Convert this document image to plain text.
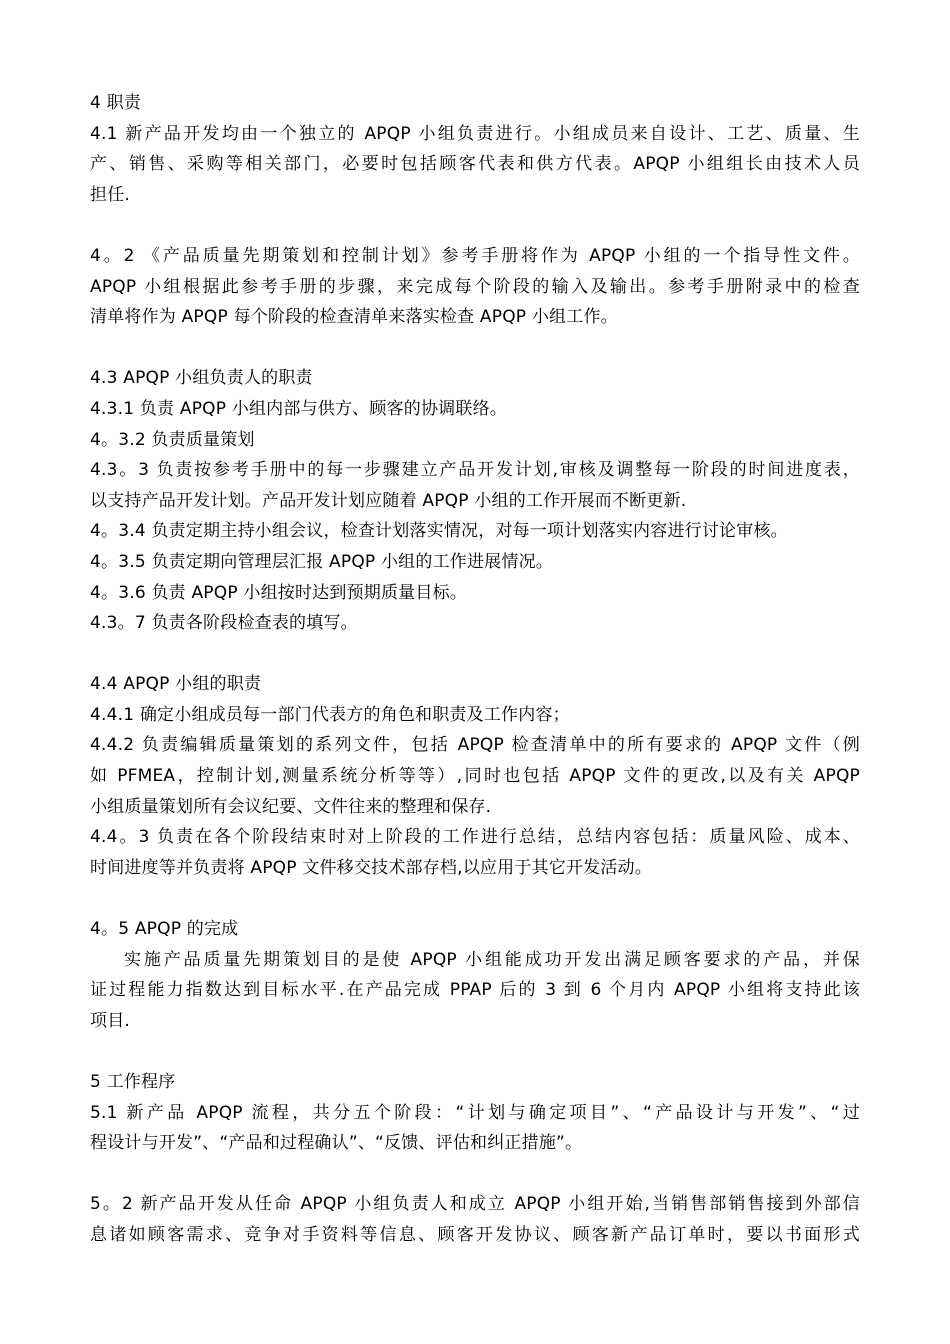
4 职责
4.1 新产品开发均由一个独立的 APQP 小组负责进行。小组成员来自设计、工艺、质量、生
产、销售、采购等相关部门，必要时包括顾客代表和供方代表。APQP 小组组长由技术人员
担任.
4。2 《产品质量先期策划和控制计划》参考手册将作为 APQP 小组的一个指导性文件。
APQP 小组根据此参考手册的步骤，来完成每个阶段的输入及输出。参考手册附录中的检查
清单将作为 APQP 每个阶段的检查清单来落实检查 APQP 小组工作。
4.3 APQP 小组负责人的职责
4.3.1 负责 APQP 小组内部与供方、顾客的协调联络。
4。3.2 负责质量策划
4.3。3 负责按参考手册中的每一步骤建立产品开发计划,审核及调整每一阶段的时间进度表，
以支持产品开发计划。产品开发计划应随着 APQP 小组的工作开展而不断更新.
4。3.4 负责定期主持小组会议，检查计划落实情况，对每一项计划落实内容进行讨论审核。
4。3.5 负责定期向管理层汇报 APQP 小组的工作进展情况。
4。3.6 负责 APQP 小组按时达到预期质量目标。
4.3。7 负责各阶段检查表的填写。
4.4 APQP 小组的职责
4.4.1 确定小组成员每一部门代表方的角色和职责及工作内容；
4.4.2 负责编辑质量策划的系列文件，包括 APQP 检查清单中的所有要求的 APQP 文件（例
如 PFMEA，控制计划,测量系统分析等等）,同时也包括 APQP 文件的更改,以及有关 APQP
小组质量策划所有会议纪要、文件往来的整理和保存.
4.4。3 负责在各个阶段结束时对上阶段的工作进行总结，总结内容包括：质量风险、成本、
时间进度等并负责将 APQP 文件移交技术部存档,以应用于其它开发活动。
4。5 APQP 的完成
实施产品质量先期策划目的是使 APQP 小组能成功开发出满足顾客要求的产品，并保
证过程能力指数达到目标水平.在产品完成 PPAP 后的 3 到 6 个月内 APQP 小组将支持此该
项目.
5 工作程序
5.1 新产品 APQP 流程，共分五个阶段：“计划与确定项目”、“产品设计与开发”、“过
程设计与开发”、“产品和过程确认”、“反馈、评估和纠正措施”。
5。2 新产品开发从任命 APQP 小组负责人和成立 APQP 小组开始,当销售部销售接到外部信
息诸如顾客需求、竞争对手资料等信息、顾客开发协议、顾客新产品订单时，要以书面形式
